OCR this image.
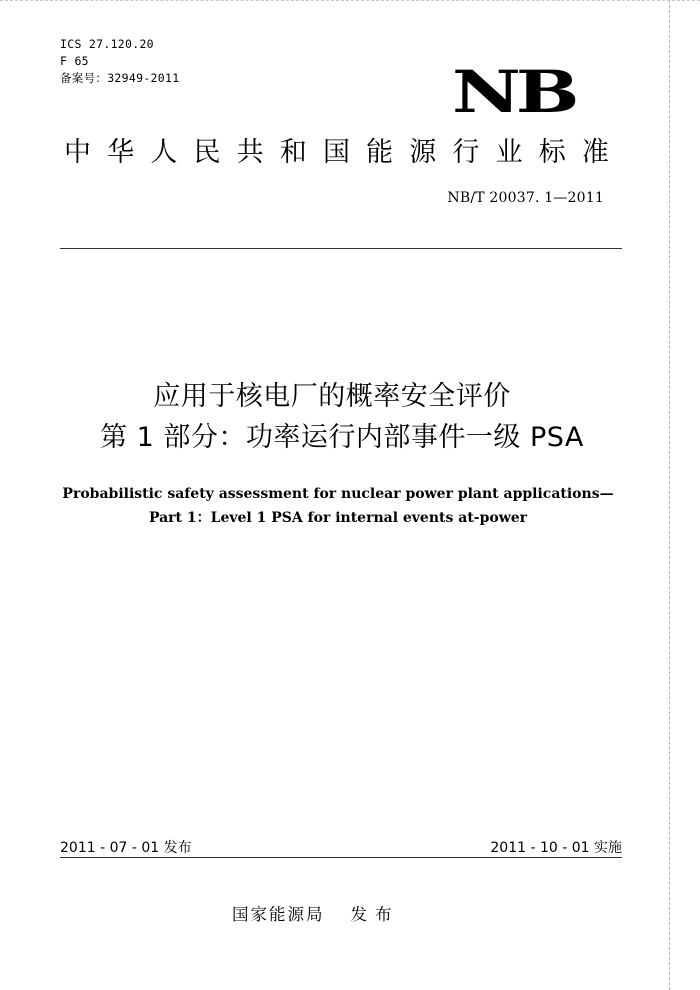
ICS 27.120.20
F 65
备案号：32949-2011	NB
中 华 人 民 共 和 国 能 源 行 业 标 准
NB/T 20037. 1—2011
应用于核电厂的概率安全评价
第 1 部分：功率运行内部事件一级 PSA
Probabilistic safety assessment for nuclear power plant applications—
Part 1：Level 1 PSA for internal events at-power
2011 - 07 - 01 发布	2011 - 10 - 01 实施
国家能源局 发布
